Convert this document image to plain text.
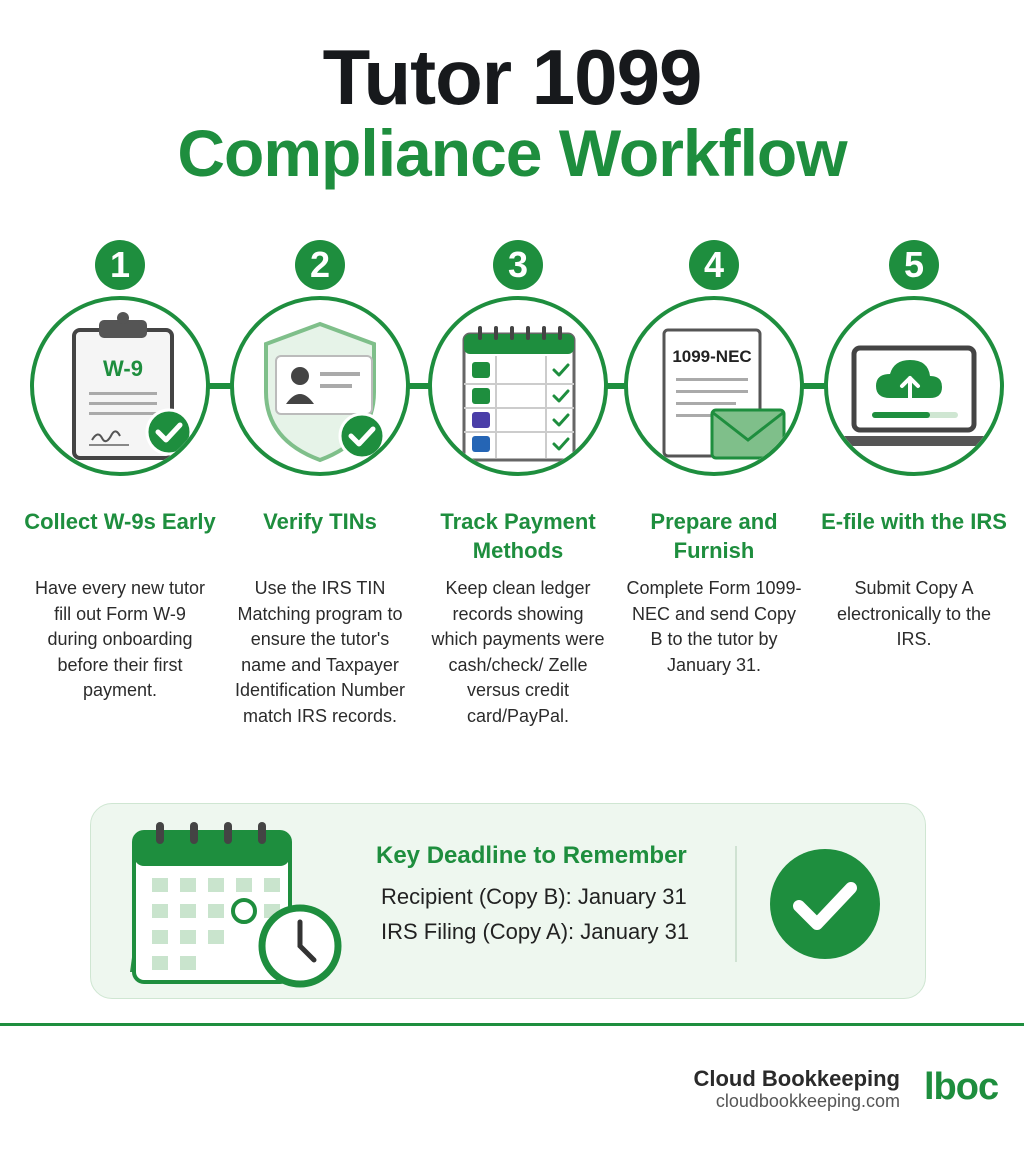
Tutor 1099
Compliance Workflow
1
W-9
Collect W-9s Early
Have every new tutor fill out Form W-9 during onboarding before their first payment.
2
Verify TINs
Use the IRS TIN Matching program to ensure the tutor's name and Taxpayer Identification Number match IRS records.
3
Track Payment Methods
Keep clean ledger records showing which payments were cash/check/ Zelle versus credit card/PayPal.
4
1099-NEC
Prepare and Furnish
Complete Form 1099-NEC and send Copy B to the tutor by January 31.
5
E-file with the IRS
Submit Copy A electronically to the IRS.
Key Deadline to Remember
Recipient (Copy B): January 31
IRS Filing (Copy A): January 31
Cloud Bookkeeping
cloudbookkeeping.com lboc
